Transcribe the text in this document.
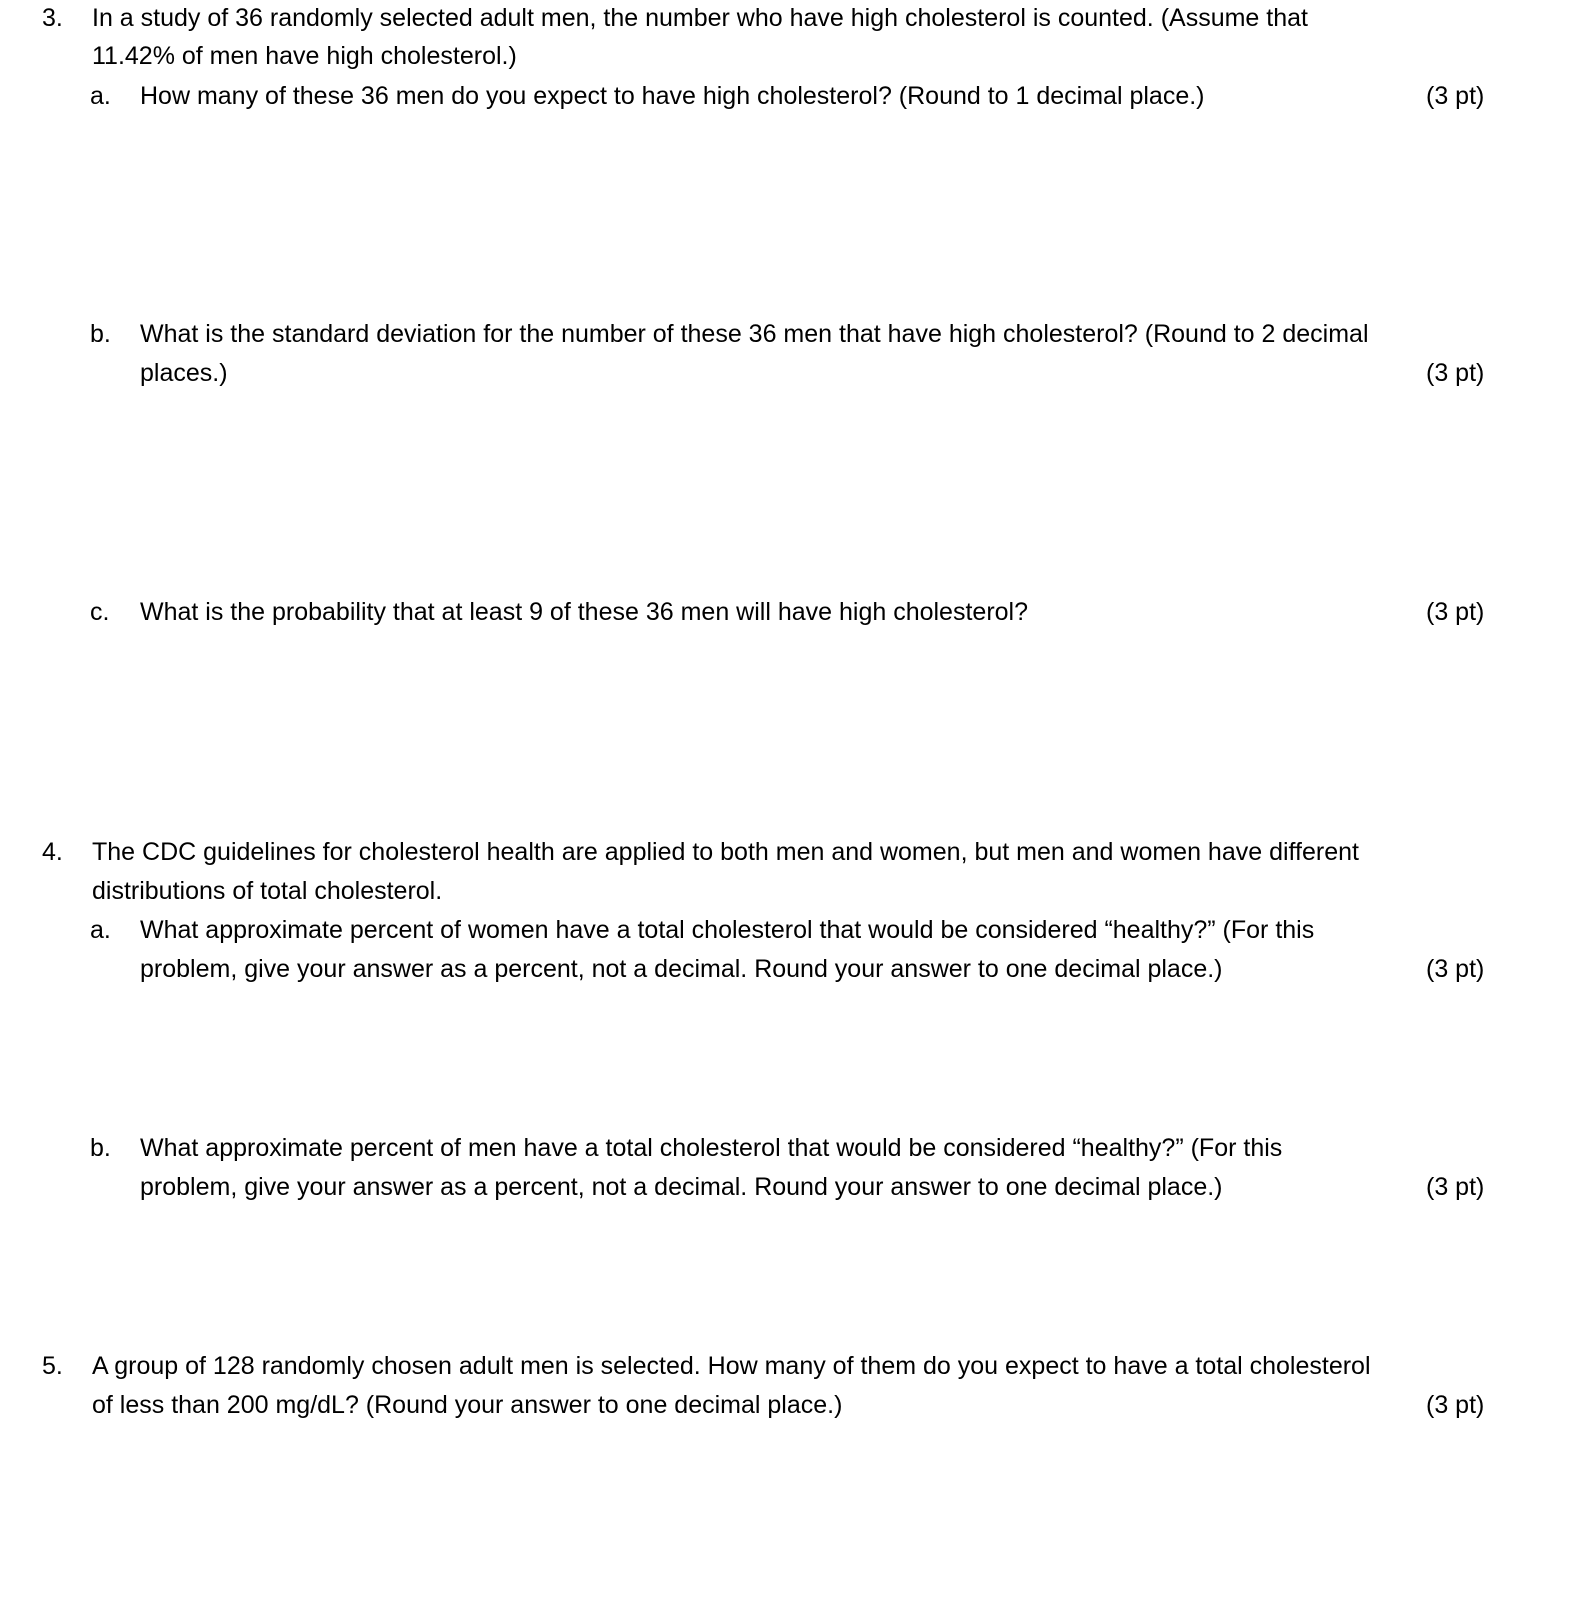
3.	In a study of 36 randomly selected adult men, the number who have high cholesterol is counted. (Assume that
11.42% of men have high cholesterol.)
a.	How many of these 36 men do you expect to have high cholesterol? (Round to 1 decimal place.)	(3 pt)
b.	What is the standard deviation for the number of these 36 men that have high cholesterol? (Round to 2 decimal
places.)	(3 pt)
c.	What is the probability that at least 9 of these 36 men will have high cholesterol?	(3 pt)
4.	The CDC guidelines for cholesterol health are applied to both men and women, but men and women have different
distributions of total cholesterol.
a.	What approximate percent of women have a total cholesterol that would be considered “healthy?” (For this
problem, give your answer as a percent, not a decimal. Round your answer to one decimal place.)	(3 pt)
b.	What approximate percent of men have a total cholesterol that would be considered “healthy?” (For this
problem, give your answer as a percent, not a decimal. Round your answer to one decimal place.)	(3 pt)
5.	A group of 128 randomly chosen adult men is selected. How many of them do you expect to have a total cholesterol
of less than 200 mg/dL? (Round your answer to one decimal place.)	(3 pt)
